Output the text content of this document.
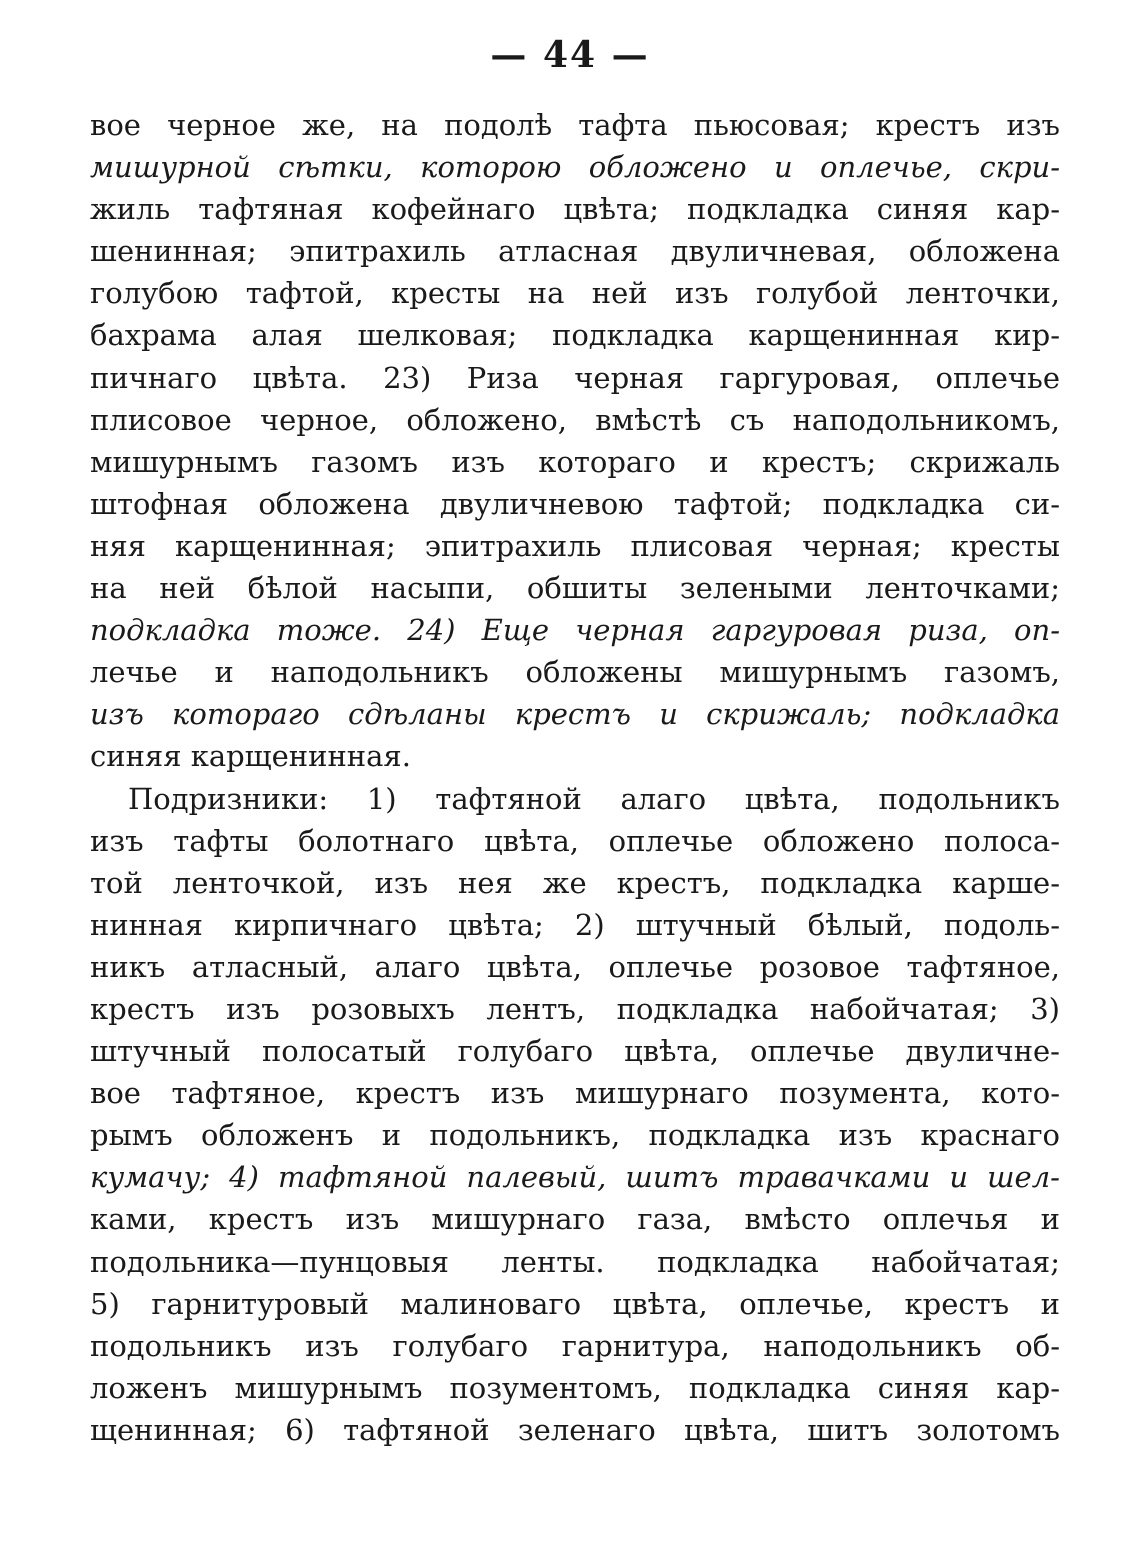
— 44 —
вое черное же, на подолѣ тафта пьюсовая; крестъ изъ
мишурной сѣтки, которою обложено и оплечье, скри-
жиль тафтяная кофейнаго цвѣта; подкладка синяя кар-
шенинная; эпитрахиль атласная двуличневая, обложена
голубою тафтой, кресты на ней изъ голубой ленточки,
бахрама алая шелковая; подкладка карщенинная кир-
пичнаго цвѣта. 23) Риза черная гаргуровая, оплечье
плисовое черное, обложено, вмѣстѣ съ наподольникомъ,
мишурнымъ газомъ изъ котораго и крестъ; скрижаль
штофная обложена двуличневою тафтой; подкладка си-
няя карщенинная; эпитрахиль плисовая черная; кресты
на ней бѣлой насыпи, обшиты зелеными ленточками;
подкладка тоже. 24) Еще черная гаргуровая риза, оп-
лечье и наподольникъ обложены мишурнымъ газомъ,
изъ котораго сдѣланы крестъ и скрижаль; подкладка
синяя карщенинная.
Подризники: 1) тафтяной алаго цвѣта, подольникъ
изъ тафты болотнаго цвѣта, оплечье обложено полоса-
той ленточкой, изъ нея же крестъ, подкладка карше-
нинная кирпичнаго цвѣта; 2) штучный бѣлый, подоль-
никъ атласный, алаго цвѣта, оплечье розовое тафтяное,
крестъ изъ розовыхъ лентъ, подкладка набойчатая; 3)
штучный полосатый голубаго цвѣта, оплечье двуличне-
вое тафтяное, крестъ изъ мишурнаго позумента, кото-
рымъ обложенъ и подольникъ, подкладка изъ краснаго
кумачу; 4) тафтяной палевый, шитъ травачками и шел-
ками, крестъ изъ мишурнаго газа, вмѣсто оплечья и
подольника—пунцовыя ленты. подкладка набойчатая;
5) гарнитуровый малиноваго цвѣта, оплечье, крестъ и
подольникъ изъ голубаго гарнитура, наподольникъ об-
ложенъ мишурнымъ позументомъ, подкладка синяя кар-
щенинная; 6) тафтяной зеленаго цвѣта, шитъ золотомъ
